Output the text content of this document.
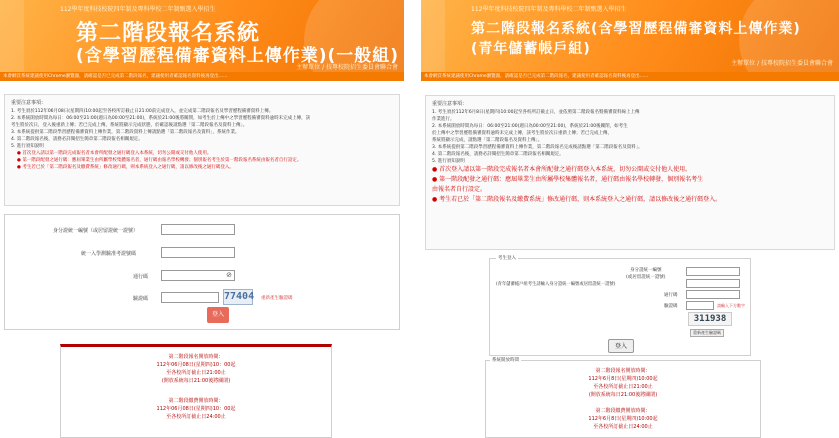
112學年度科技校院四年制及專科學校二年制甄選入學招生
第二階段報名系統
(含學習歷程備審資料上傳作業)(一般組)
主辦單位 / 技專校院招生委員會聯合會
本會網頁系統建議使用Chrome瀏覽器，請確認是否已完成第二階段報名，建議使用者確認報名資料後再登出……
重要注意事項：
1. 考生須於112年06月08日(星期四)10:00起至各校所訂截止日21:00前完成登入，並完成第二階段報名及學習歷程備審資料上傳。
2. 本系統開放時間為每日：06:00至21:00(週日為00:00至21:00)，系統於21:00後將關閉，如考生於上傳中之學習歷程備審資料逾時未完成上傳，該
考生將於次日，登入後重新上傳；若已完成上傳，系統將顯示完成狀態，於確認後請點選「第二階段報名及資料上傳」。
3. 本系統提供第二階段學習歷程備審資料上傳作業，第二階段資料上傳請點選「第二階段報名及資料」，系統作業。
4. 第二階段報名後，請務必詳閱招生簡章第二階段報名相關規定。
5. 進行須知說明
● 首次登入請以第一階段完成報名者本會所配發之通行碼登入本系統，切勿公開或交付他人使用。
● 第一階段配發之通行碼：應屆畢業生由所屬學校集體報名者，通行碼由報名學校轉發；個別報名考生於第一階段報名系統由報名者自行設定。
● 考生若已於「第二階段報名及繳費系統」修改通行碼，則本系統登入之通行碼，請以修改後之通行碼登入。
身分證統一編號（或居留證統一證號）
統一入學測驗准考證號碼
通行碼	⊘
驗證碼	77404 重新產生驗證碼
登入
第二階段報名開放時間：
112年06月08日(星期四)10：00起
至各校所訂截止日21:00止
(開放系統每日21:00後將關閉)
第二階段繳費開放時間：
112年06月08日(星期四)10：00起
至各校所訂截止日24:00止
112學年度科技校院四年制及專科學校二年制甄選入學招生
第二階段報名系統(含學習歷程備審資料上傳作業)
(青年儲蓄帳戶組)
主辦單位 / 技專校院招生委員會聯合會
本會網頁系統建議使用Chrome瀏覽器，請確認是否已完成第二階段報名，建議使用者確認報名資料後再登出……
重要注意事項：
1. 考生須於112年6月8日(星期四)10:00起至各校所訂截止日，並依照第二階段報名暨備審資料線上上傳
作業進行。
2. 本系統開放時間為每日：06:00至21:00(週日為00:00至21:00)，系統於21:00後關閉，如考生
於上傳中之學習歷程備審資料逾時未完成上傳，該考生將於次日重新上傳；若已完成上傳，
系統將顯示完成，請點選「第二階段報名及資料上傳」。
3. 本系統提供第二階段學習歷程備審資料上傳作業，第二階段報名完成後請點選「第二階段報名及資料」。
4. 第二階段報名後，請務必詳閱招生簡章第二階段報名相關規定。
5. 進行須知說明
● 首次登入請以第一階段完成報名者本會所配發之通行碼登入本系統，切勿公開或交付他人使用。
● 第一階段配發之通行碼：應屆畢業生由所屬學校集體報名者，通行碼由報名學校轉發，個別報名考生
由報名者自行設定。
● 考生若已於「第二階段報名及繳費系統」修改通行碼，則本系統登入之通行碼，請以修改後之通行碼登入。
考生登入
身分證統一編號
(或居留證統一證號)
(青年儲蓄帳戶組考生請輸入身分證統一編號或居留證統一證號)
通行碼
驗證碼	請輸入下方數字
311938
重新產生驗證碼
登入
系統開放時間
第二階段報名開放時間：
112年6月8日(星期四)10:00起
至各校所訂截止日21:00止
(開放系統每日21:00後將關閉)
第二階段繳費開放時間：
112年6月8日(星期四)10:00起
至各校所訂截止日24:00止
